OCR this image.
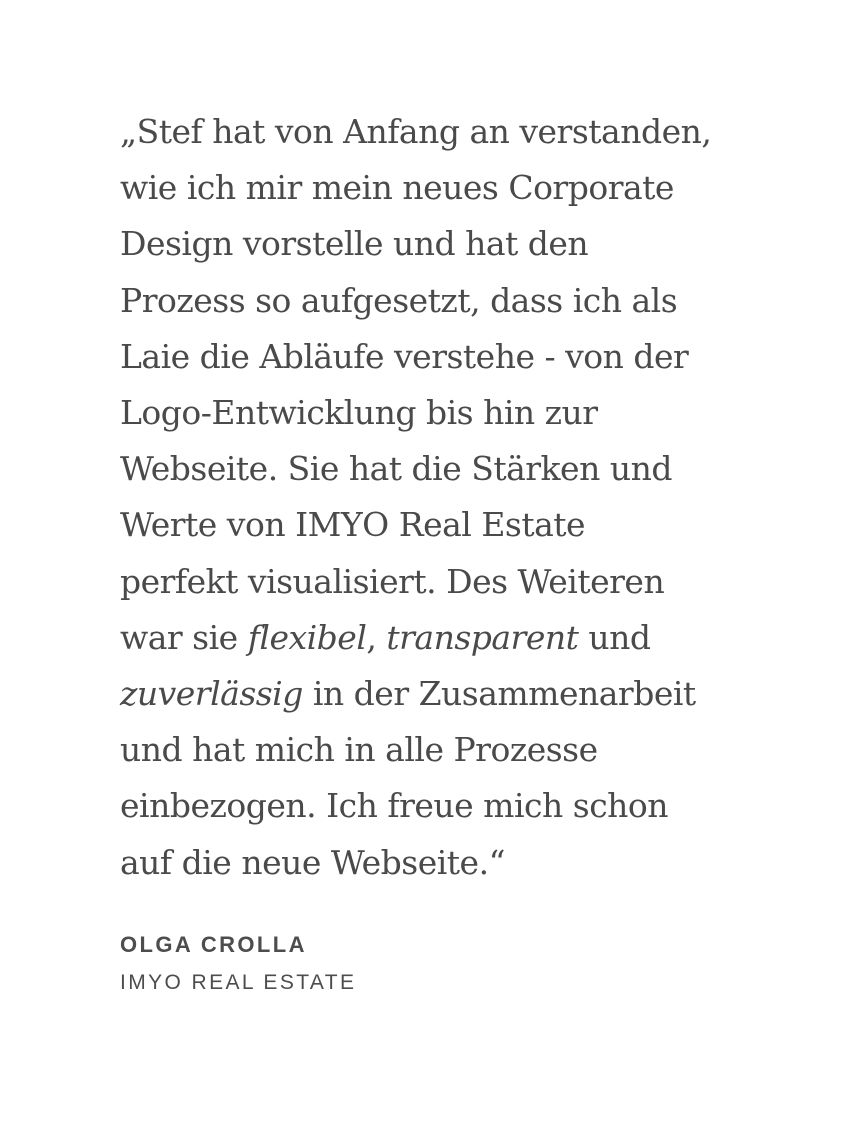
„Stef hat von Anfang an verstanden,
wie ich mir mein neues Corporate
Design vorstelle und hat den
Prozess so aufgesetzt, dass ich als
Laie die Abläufe verstehe - von der
Logo-Entwicklung bis hin zur
Webseite. Sie hat die Stärken und
Werte von IMYO Real Estate
perfekt visualisiert. Des Weiteren
war sie flexibel, transparent und
zuverlässig in der Zusammenarbeit
und hat mich in alle Prozesse
einbezogen. Ich freue mich schon
auf die neue Webseite.“

OLGA CROLLA
IMYO REAL ESTATE
